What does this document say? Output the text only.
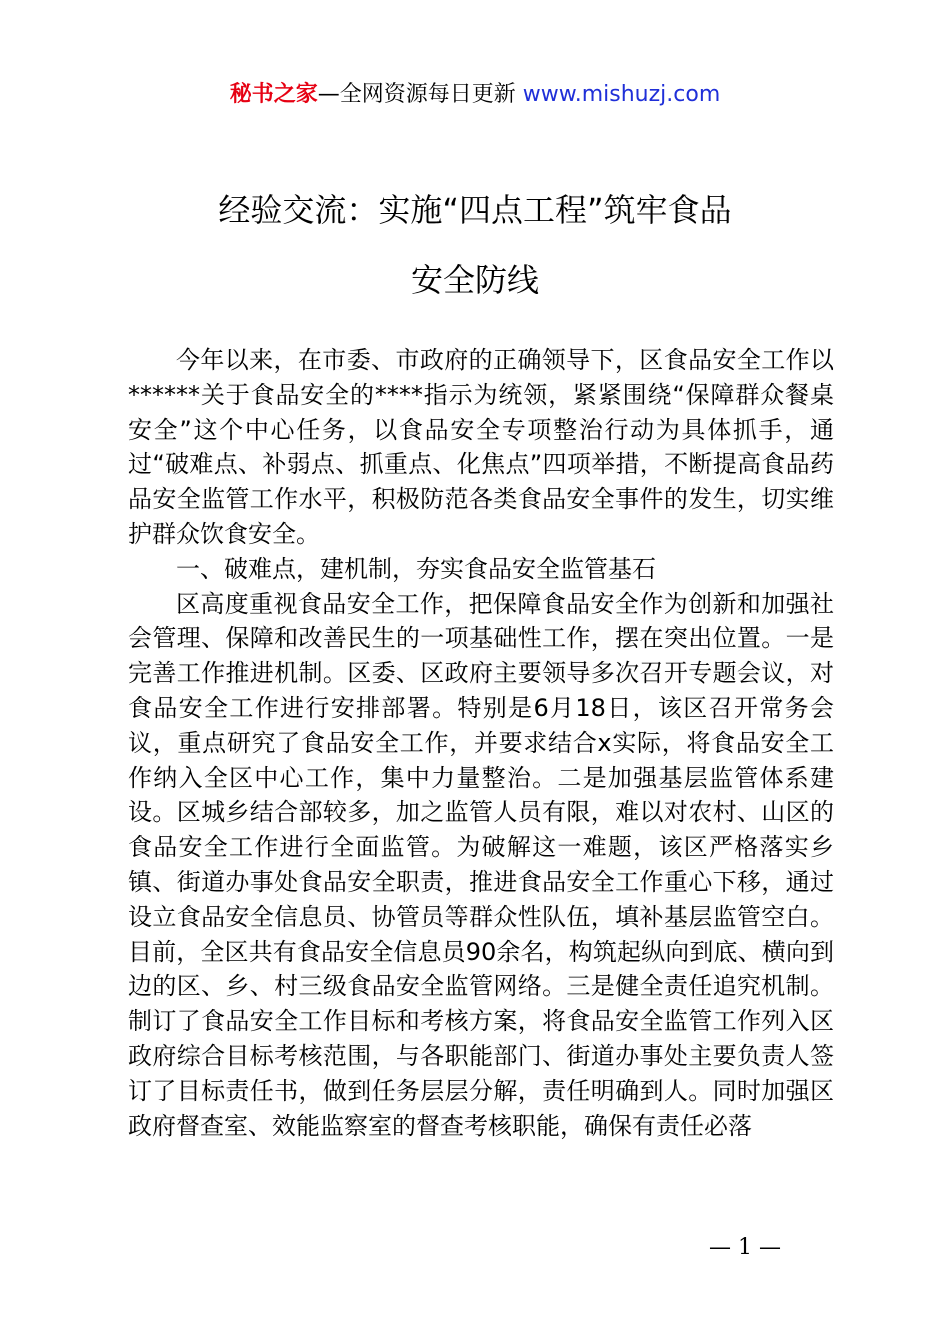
秘书之家—全网资源每日更新 www.mishuzj.com
经验交流：实施“四点工程”筑牢食品
安全防线

今年以来，在市委、市政府的正确领导下，区食品安全工作以******关于食品安全的****指示为统领，紧紧围绕“保障群众餐桌安全”这个中心任务，以食品安全专项整治行动为具体抓手，通过“破难点、补弱点、抓重点、化焦点”四项举措，不断提高食品药品安全监管工作水平，积极防范各类食品安全事件的发生，切实维护群众饮食安全。

一、破难点，建机制，夯实食品安全监管基石

区高度重视食品安全工作，把保障食品安全作为创新和加强社会管理、保障和改善民生的一项基础性工作，摆在突出位置。一是完善工作推进机制。区委、区政府主要领导多次召开专题会议，对食品安全工作进行安排部署。特别是6月18日，该区召开常务会议，重点研究了食品安全工作，并要求结合x实际，将食品安全工作纳入全区中心工作，集中力量整治。二是加强基层监管体系建设。区城乡结合部较多，加之监管人员有限，难以对农村、山区的食品安全工作进行全面监管。为破解这一难题，该区严格落实乡镇、街道办事处食品安全职责，推进食品安全工作重心下移，通过设立食品安全信息员、协管员等群众性队伍，填补基层监管空白。目前，全区共有食品安全信息员90余名，构筑起纵向到底、横向到边的区、乡、村三级食品安全监管网络。三是健全责任追究机制。制订了食品安全工作目标和考核方案，将食品安全监管工作列入区政府综合目标考核范围，与各职能部门、街道办事处主要负责人签订了目标责任书，做到任务层层分解，责任明确到人。同时加强区政府督查室、效能监察室的督查考核职能，确保有责任必落

— 1 —
